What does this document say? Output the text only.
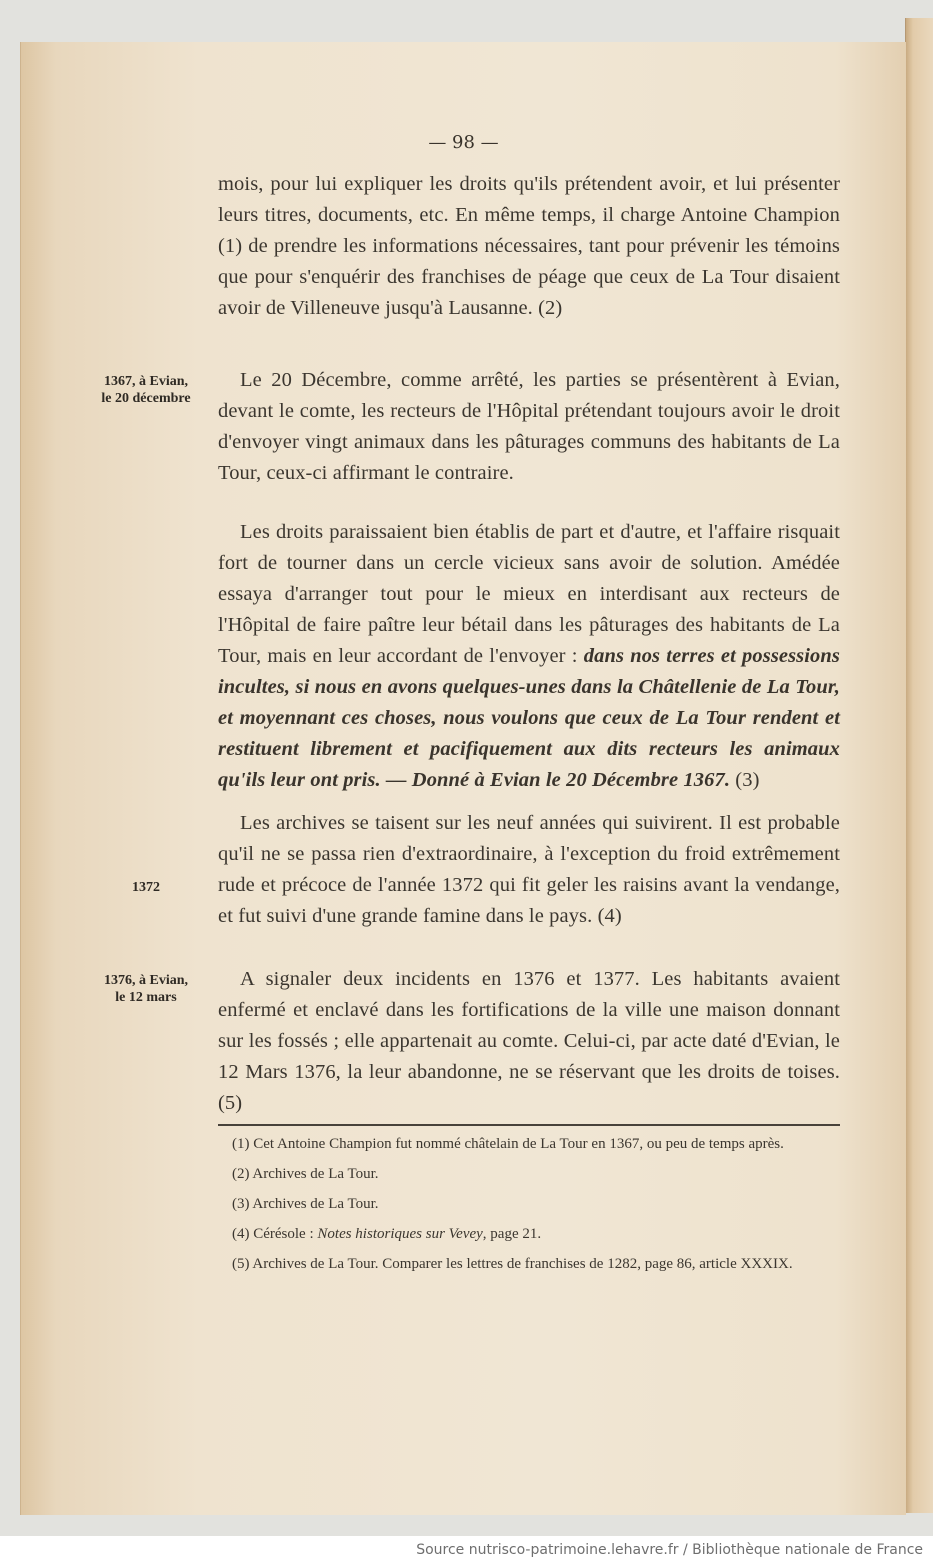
— 98 —

mois, pour lui expliquer les droits qu'ils prétendent avoir, et lui présenter leurs titres, documents, etc. En même temps, il charge Antoine Champion (1) de prendre les informations nécessaires, tant pour prévenir les témoins que pour s'enquérir des franchises de péage que ceux de La Tour disaient avoir de Villeneuve jusqu'à Lausanne. (2)

1367, à Evian,
le 20 décembre

Le 20 Décembre, comme arrêté, les parties se présentèrent à Evian, devant le comte, les recteurs de l'Hôpital prétendant toujours avoir le droit d'envoyer vingt animaux dans les pâturages communs des habitants de La Tour, ceux-ci affirmant le contraire.

Les droits paraissaient bien établis de part et d'autre, et l'affaire risquait fort de tourner dans un cercle vicieux sans avoir de solution. Amédée essaya d'arranger tout pour le mieux en interdisant aux recteurs de l'Hôpital de faire paître leur bétail dans les pâturages des habitants de La Tour, mais en leur accordant de l'envoyer : dans nos terres et possessions incultes, si nous en avons quelques-unes dans la Châtellenie de La Tour, et moyennant ces choses, nous voulons que ceux de La Tour rendent et restituent librement et pacifiquement aux dits recteurs les animaux qu'ils leur ont pris. — Donné à Evian le 20 Décembre 1367. (3)

1372

Les archives se taisent sur les neuf années qui suivirent. Il est probable qu'il ne se passa rien d'extraordinaire, à l'exception du froid extrêmement rude et précoce de l'année 1372 qui fit geler les raisins avant la vendange, et fut suivi d'une grande famine dans le pays. (4)

1376, à Evian,
le 12 mars

A signaler deux incidents en 1376 et 1377. Les habitants avaient enfermé et enclavé dans les fortifications de la ville une maison donnant sur les fossés ; elle appartenait au comte. Celui-ci, par acte daté d'Evian, le 12 Mars 1376, la leur abandonne, ne se réservant que les droits de toises. (5)

(1) Cet Antoine Champion fut nommé châtelain de La Tour en 1367, ou peu de temps après.

(2) Archives de La Tour.

(3) Archives de La Tour.

(4) Cérésole : Notes historiques sur Vevey, page 21.

(5) Archives de La Tour. Comparer les lettres de franchises de 1282, page 86, article XXXIX.

Source nutrisco-patrimoine.lehavre.fr / Bibliothèque nationale de France
